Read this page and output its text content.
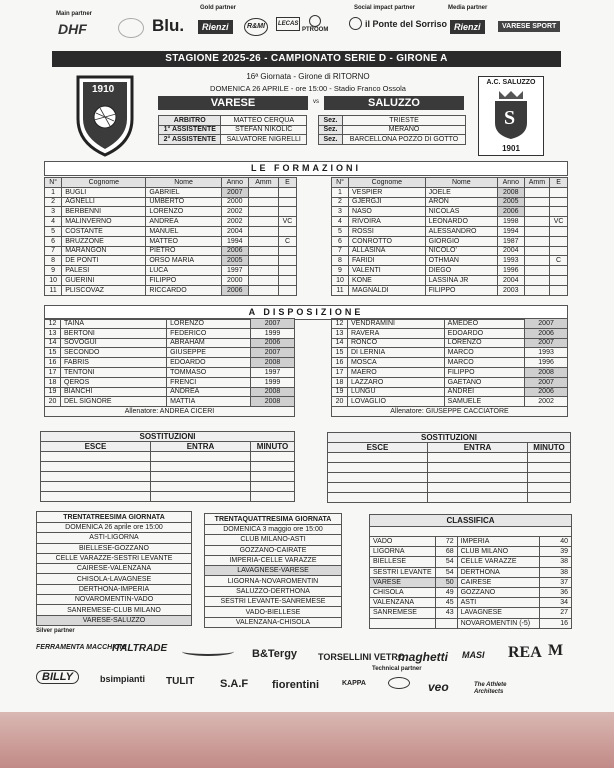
Main partner
DHF	Blu.
Gold partner
Rienzi	R&MI	LECAS
PTROOM
Social impact partner
il Ponte del Sorriso
Media partner
Rienzi	VARESE SPORT
STAGIONE 2025-26 - CAMPIONATO SERIE D - GIRONE A
1910
A.C. SALUZZO
S
1901
16ª Giornata - Girone di RITORNO
DOMENICA 26 APRILE - ore 15:00 - Stadio Franco Ossola
VARESE	vs	SALUZZO
ARBITRO	MATTEO CERQUA
1° ASSISTENTE	STEFAN NIKOLIC
2° ASSISTENTE	SALVATORE NIGRELLI
Sez.	TRIESTE
Sez.	MERANO
Sez.	BARCELLONA POZZO DI GOTTO
LE FORMAZIONI
N°	Cognome	Nome	Anno	Amm	E
1	BUGLI	GABRIEL	2007		
2	AGNELLI	UMBERTO	2000		
3	BERBENNI	LORENZO	2002		
4	MALINVERNO	ANDREA	2002		VC
5	COSTANTE	MANUEL	2004		
6	BRUZZONE	MATTEO	1994		C
7	MARANGON	PIETRO	2006		
8	DE PONTI	ORSO MARIA	2005		
9	PALESI	LUCA	1997		
10	GUERINI	FILIPPO	2000		
11	PLISCOVAZ	RICCARDO	2006		
N°	Cognome	Nome	Anno	Amm	E
1	VESPIER	JOELE	2008		
2	GJERGJI	ARON	2005		
3	NASO	NICOLAS	2006		
4	RIVOIRA	LEONARDO	1998		VC
5	ROSSI	ALESSANDRO	1994		
6	CONROTTO	GIORGIO	1987		
7	ALLASINA	NICOLO'	2004		
8	FARIDI	OTHMAN	1993		C
9	VALENTI	DIEGO	1996		
10	KONE	LASSINA JR	2004		
11	MAGNALDI	FILIPPO	2003		
A DISPOSIZIONE
12	TAINA	LORENZO	2007
13	BERTONI	FEDERICO	1999
14	SOVOGUI	ABRAHAM	2006
15	SECONDO	GIUSEPPE	2007
16	FABRIS	EDOARDO	2008
17	TENTONI	TOMMASO	1997
18	QEROS	FRENCI	1999
19	BIANCHI	ANDREA	2008
20	DEL SIGNORE	MATTIA	2008
Allenatore: ANDREA CICERI			
12	VENDRAMINI	AMEDEO	2007
13	RAVERA	EDOARDO	2006
14	RONCO	LORENZO	2007
15	DI LERNIA	MARCO	1993
16	MOSCA	MARCO	1996
17	MAERO	FILIPPO	2008
18	LAZZARO	GAETANO	2007
19	LUNGU	ANDREI	2006
20	LOVAGLIO	SAMUELE	2002
Allenatore: GIUSEPPE CACCIATORE			
SOSTITUZIONI		
ESCE	ENTRA	MINUTO

SOSTITUZIONI		
ESCE	ENTRA	MINUTO

TRENTATREESIMA GIORNATA
DOMENICA 26 aprile ore 15:00
ASTI-LIGORNA
BIELLESE-GOZZANO
CELLE VARAZZE-SESTRI LEVANTE
CAIRESE-VALENZANA
CHISOLA-LAVAGNESE
DERTHONA-IMPERIA
NOVAROMENTIN-VADO
SANREMESE-CLUB MILANO
VARESE-SALUZZO
TRENTAQUATTRESIMA GIORNATA
DOMENICA 3 maggio ore 15:00
CLUB MILANO-ASTI
GOZZANO-CAIRATE
IMPERIA-CELLE VARAZZE
LAVAGNESE-VARESE
LIGORNA-NOVAROMENTIN
SALUZZO-DERTHONA
SESTRI LEVANTE-SANREMESE
VADO-BIELLESE
VALENZANA-CHISOLA
CLASSIFICA			

VADO	72	IMPERIA	40
LIGORNA	68	CLUB MILANO	39
BIELLESE	54	CELLE VARAZZE	38
SESTRI LEVANTE	54	DERTHONA	38
VARESE	50	CAIRESE	37
CHISOLA	49	GOZZANO	36
VALENZANA	45	ASTI	34
SANREMESE	43	LAVAGNESE	27
		NOVAROMENTIN (-5)	16
Silver partner
FERRAMENTA MACCHIONI
ITALTRADE	B&Tergy TORSELLINI VETRO
maghetti MASI REA M
Technical partner
BILLY	bsimpianti TULIT S.A.F fiorentini	KAPPA	veo	The Athlete Architects
